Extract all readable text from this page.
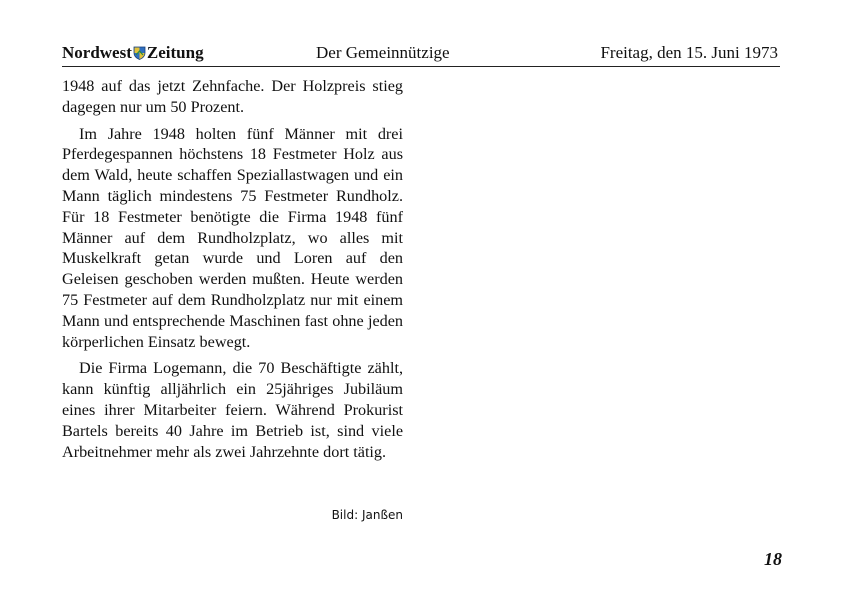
Nordwest Zeitung	Der Gemeinnützige	Freitag, den 15. Juni 1973

1948 auf das jetzt Zehnfache. Der Holzpreis stieg dagegen nur um 50 Prozent.

Im Jahre 1948 holten fünf Männer mit drei Pferdegespannen höchstens 18 Festmeter Holz aus dem Wald, heute schaffen Speziallastwagen und ein Mann täglich mindestens 75 Festmeter Rundholz. Für 18 Festmeter benötigte die Firma 1948 fünf Männer auf dem Rundholzplatz, wo alles mit Muskelkraft getan wurde und Loren auf den Geleisen geschoben werden mußten. Heute werden 75 Festmeter auf dem Rundholzplatz nur mit einem Mann und entsprechende Maschinen fast ohne jeden körperlichen Einsatz bewegt.

Die Firma Logemann, die 70 Beschäftigte zählt, kann künftig alljährlich ein 25jähriges Jubiläum eines ihrer Mitarbeiter feiern. Während Prokurist Bartels bereits 40 Jahre im Betrieb ist, sind viele Arbeitnehmer mehr als zwei Jahrzehnte dort tätig.

Bild: Janßen
18
